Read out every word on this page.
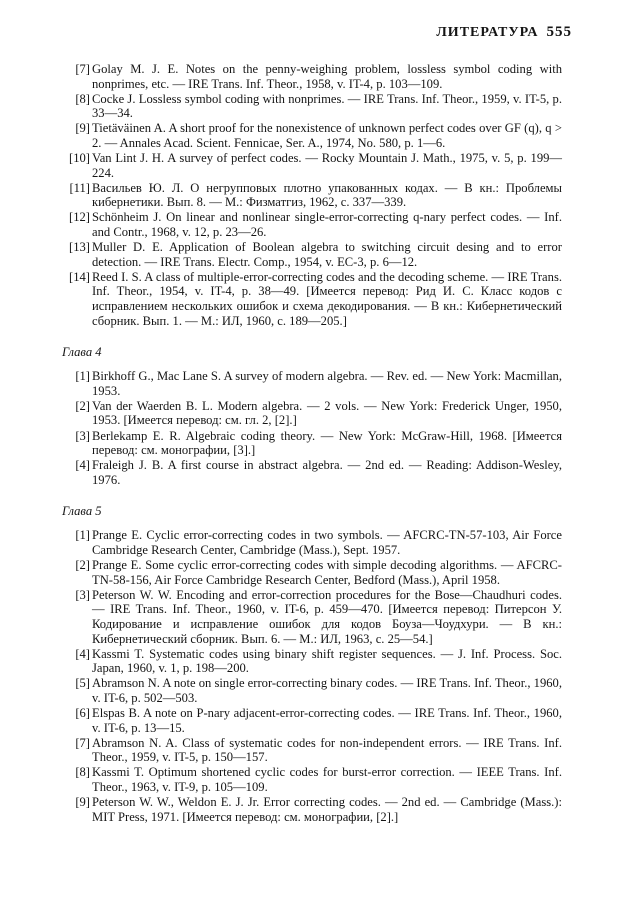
ЛИТЕРАТУРА 555
[7] Golay M. J. E. Notes on the penny-weighing problem, lossless symbol coding with nonprimes, etc. — IRE Trans. Inf. Theor., 1958, v. IT-4, p. 103—109.
[8] Cocke J. Lossless symbol coding with nonprimes. — IRE Trans. Inf. Theor., 1959, v. IT-5, p. 33—34.
[9] Tietäväinen A. A short proof for the nonexistence of unknown perfect codes over GF (q), q > 2. — Annales Acad. Scient. Fennicae, Ser. A., 1974, No. 580, p. 1—6.
[10] Van Lint J. H. A survey of perfect codes. — Rocky Mountain J. Math., 1975, v. 5, p. 199—224.
[11] Васильев Ю. Л. О негрупповых плотно упакованных кодах. — В кн.: Проблемы кибернетики. Вып. 8. — М.: Физматгиз, 1962, с. 337—339.
[12] Schönheim J. On linear and nonlinear single-error-correcting q-nary perfect codes. — Inf. and Contr., 1968, v. 12, p. 23—26.
[13] Muller D. E. Application of Boolean algebra to switching circuit desing and to error detection. — IRE Trans. Electr. Comp., 1954, v. EC-3, p. 6—12.
[14] Reed I. S. A class of multiple-error-correcting codes and the decoding scheme. — IRE Trans. Inf. Theor., 1954, v. IT-4, p. 38—49. [Имеется перевод: Рид И. С. Класс кодов с исправлением нескольких ошибок и схема декодирования. — В кн.: Кибернетический сборник. Вып. 1. — М.: ИЛ, 1960, с. 189—205.]
Глава 4
[1] Birkhoff G., Mac Lane S. A survey of modern algebra. — Rev. ed. — New York: Macmillan, 1953.
[2] Van der Waerden B. L. Modern algebra. — 2 vols. — New York: Frederick Unger, 1950, 1953. [Имеется перевод: см. гл. 2, [2].]
[3] Berlekamp E. R. Algebraic coding theory. — New York: McGraw-Hill, 1968. [Имеется перевод: см. монографии, [3].]
[4] Fraleigh J. B. A first course in abstract algebra. — 2nd ed. — Reading: Addison-Wesley, 1976.
Глава 5
[1] Prange E. Cyclic error-correcting codes in two symbols. — AFCRC-TN-57-103, Air Force Cambridge Research Center, Cambridge (Mass.), Sept. 1957.
[2] Prange E. Some cyclic error-correcting codes with simple decoding algorithms. — AFCRC-TN-58-156, Air Force Cambridge Research Center, Bedford (Mass.), April 1958.
[3] Peterson W. W. Encoding and error-correction procedures for the Bose—Chaudhuri codes. — IRE Trans. Inf. Theor., 1960, v. IT-6, p. 459—470. [Имеется перевод: Питерсон У. Кодирование и исправление ошибок для кодов Боуза—Чоудхури. — В кн.: Кибернетический сборник. Вып. 6. — М.: ИЛ, 1963, с. 25—54.]
[4] Kassmi T. Systematic codes using binary shift register sequences. — J. Inf. Process. Soc. Japan, 1960, v. 1, p. 198—200.
[5] Abramson N. A note on single error-correcting binary codes. — IRE Trans. Inf. Theor., 1960, v. IT-6, p. 502—503.
[6] Elspas B. A note on P-nary adjacent-error-correcting codes. — IRE Trans. Inf. Theor., 1960, v. IT-6, p. 13—15.
[7] Abramson N. A. Class of systematic codes for non-independent errors. — IRE Trans. Inf. Theor., 1959, v. IT-5, p. 150—157.
[8] Kassmi T. Optimum shortened cyclic codes for burst-error correction. — IEEE Trans. Inf. Theor., 1963, v. IT-9, p. 105—109.
[9] Peterson W. W., Weldon E. J. Jr. Error correcting codes. — 2nd ed. — Cambridge (Mass.): MIT Press, 1971. [Имеется перевод: см. монографии, [2].]
